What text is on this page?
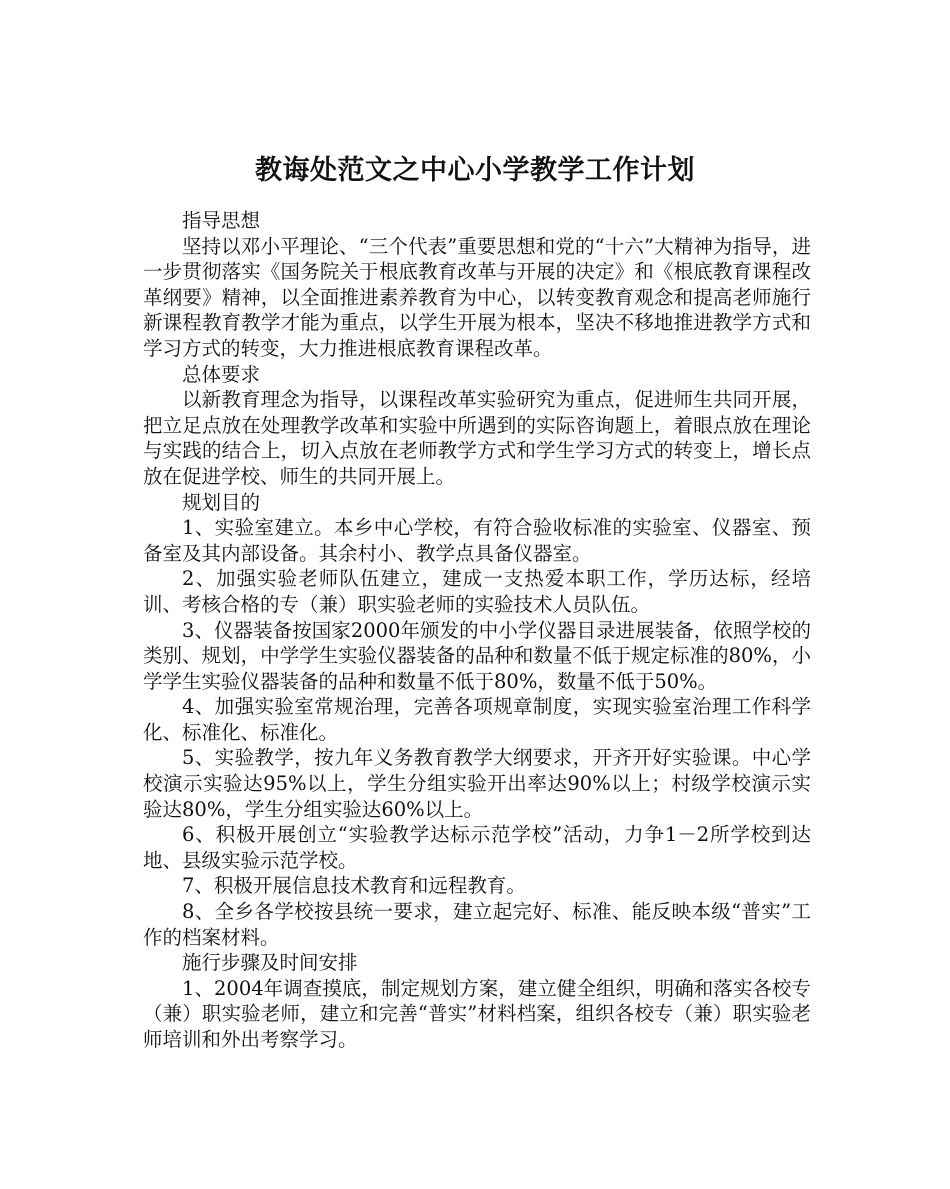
教诲处范文之中心小学教学工作计划

指导思想

坚持以邓小平理论、“三个代表”重要思想和党的“十六”大精神为指导，进一步贯彻落实《国务院关于根底教育改革与开展的决定》和《根底教育课程改革纲要》精神，以全面推进素养教育为中心，以转变教育观念和提高老师施行新课程教育教学才能为重点，以学生开展为根本，坚决不移地推进教学方式和学习方式的转变，大力推进根底教育课程改革。

总体要求

以新教育理念为指导，以课程改革实验研究为重点，促进师生共同开展，把立足点放在处理教学改革和实验中所遇到的实际咨询题上，着眼点放在理论与实践的结合上，切入点放在老师教学方式和学生学习方式的转变上，增长点放在促进学校、师生的共同开展上。

规划目的

1、实验室建立。本乡中心学校，有符合验收标准的实验室、仪器室、预备室及其内部设备。其余村小、教学点具备仪器室。

2、加强实验老师队伍建立，建成一支热爱本职工作，学历达标，经培训、考核合格的专（兼）职实验老师的实验技术人员队伍。

3、仪器装备按国家2000年颁发的中小学仪器目录进展装备，依照学校的类别、规划，中学学生实验仪器装备的品种和数量不低于规定标准的80%，小学学生实验仪器装备的品种和数量不低于80%，数量不低于50%。

4、加强实验室常规治理，完善各项规章制度，实现实验室治理工作科学化、标准化、标准化。

5、实验教学，按九年义务教育教学大纲要求，开齐开好实验课。中心学校演示实验达95%以上，学生分组实验开出率达90%以上；村级学校演示实验达80%，学生分组实验达60%以上。

6、积极开展创立“实验教学达标示范学校”活动，力争1－2所学校到达地、县级实验示范学校。

7、积极开展信息技术教育和远程教育。

8、全乡各学校按县统一要求，建立起完好、标准、能反映本级“普实”工作的档案材料。

施行步骤及时间安排

1、2004年调查摸底，制定规划方案，建立健全组织，明确和落实各校专（兼）职实验老师，建立和完善“普实”材料档案，组织各校专（兼）职实验老师培训和外出考察学习。
